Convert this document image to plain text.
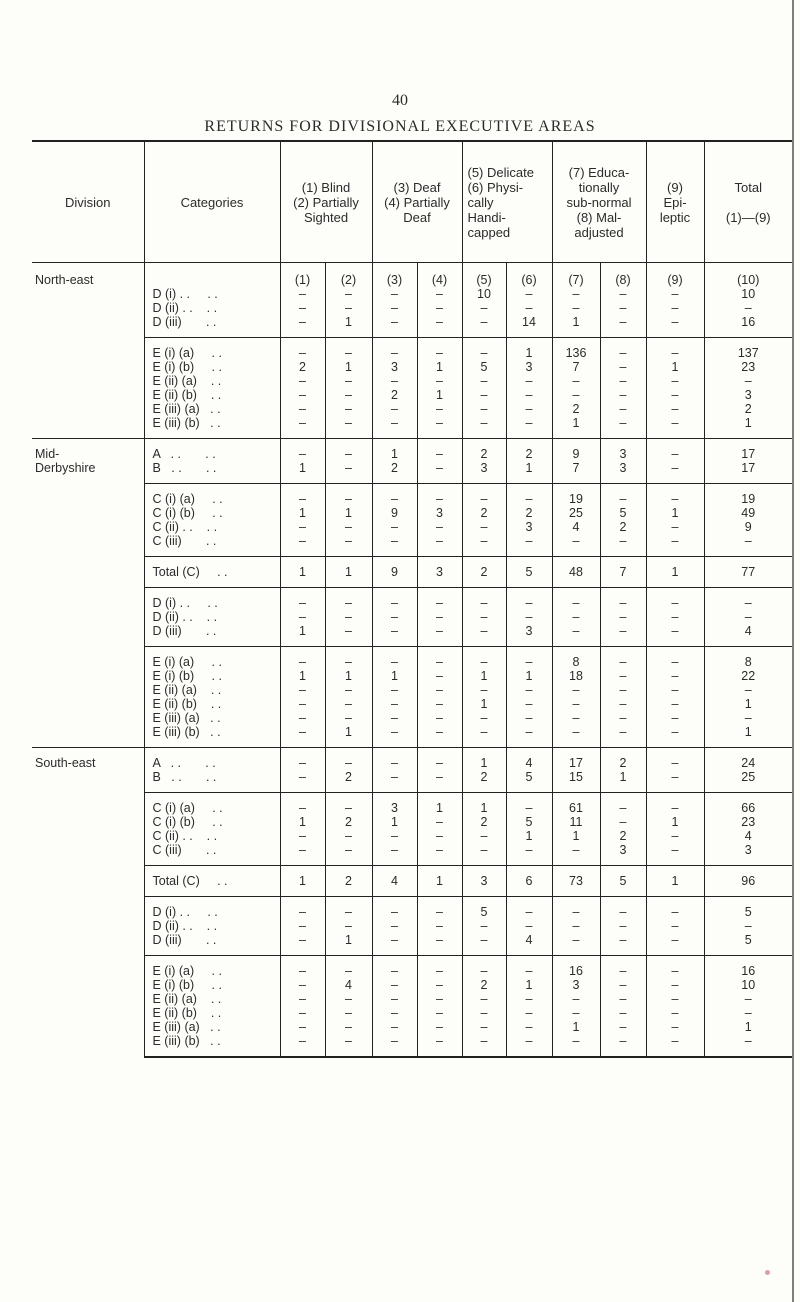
40
RETURNS FOR DIVISIONAL EXECUTIVE AREAS
Division	Categories	(1) Blind
(2) Partially
Sighted		(3) Deaf
(4) Partially
Deaf		(5) Delicate
(6) Physi-
cally
Handi-
capped		(7) Educa-
tionally
sub-normal
(8) Mal-
adjusted		(9)
Epi-
leptic	Total

(1)—(9)

North-east		(1)	(2)	(3)	(4)	(5)	(6)	(7)	(8)	(9)	(10)
	D (i) . .     . .	–	–	–	–	10	–	–	–	–	10
	D (ii) . .    . .	–	–	–	–	–	–	–	–	–	–
	D (iii)       . .	–	1	–	–	–	14	1	–	–	16
	E (i) (a)     . .	–	–	–	–	–	1	136	–	–	137
	E (i) (b)     . .	2	1	3	1	5	3	7	–	1	23
	E (ii) (a)    . .	–	–	–	–	–	–	–	–	–	–
	E (ii) (b)    . .	–	–	2	1	–	–	–	–	–	3
	E (iii) (a)   . .	–	–	–	–	–	–	2	–	–	2
	E (iii) (b)   . .	–	–	–	–	–	–	1	–	–	1
Mid-
Derbyshire	A   . .       . .	–	–	1	–	2	2	9	3	–	17
	B   . .       . .	1	–	2	–	3	1	7	3	–	17
	C (i) (a)     . .	–	–	–	–	–	–	19	–	–	19
	C (i) (b)     . .	1	1	9	3	2	2	25	5	1	49
	C (ii) . .    . .	–	–	–	–	–	3	4	2	–	9
	C (iii)       . .	–	–	–	–	–	–	–	–	–	–
	Total (C)     . .	1	1	9	3	2	5	48	7	1	77
	D (i) . .     . .	–	–	–	–	–	–	–	–	–	–
	D (ii) . .    . .	–	–	–	–	–	–	–	–	–	–
	D (iii)       . .	1	–	–	–	–	3	–	–	–	4
	E (i) (a)     . .	–	–	–	–	–	–	8	–	–	8
	E (i) (b)     . .	1	1	1	–	1	1	18	–	–	22
	E (ii) (a)    . .	–	–	–	–	–	–	–	–	–	–
	E (ii) (b)    . .	–	–	–	–	1	–	–	–	–	1
	E (iii) (a)   . .	–	–	–	–	–	–	–	–	–	–
	E (iii) (b)   . .	–	1	–	–	–	–	–	–	–	1
South-east	A   . .       . .	–	–	–	–	1	4	17	2	–	24
	B   . .       . .	–	2	–	–	2	5	15	1	–	25
	C (i) (a)     . .	–	–	3	1	1	–	61	–	–	66
	C (i) (b)     . .	1	2	1	–	2	5	11	–	1	23
	C (ii) . .    . .	–	–	–	–	–	1	1	2	–	4
	C (iii)       . .	–	–	–	–	–	–	–	3	–	3
	Total (C)     . .	1	2	4	1	3	6	73	5	1	96
	D (i) . .     . .	–	–	–	–	5	–	–	–	–	5
	D (ii) . .    . .	–	–	–	–	–	–	–	–	–	–
	D (iii)       . .	–	1	–	–	–	4	–	–	–	5
	E (i) (a)     . .	–	–	–	–	–	–	16	–	–	16
	E (i) (b)     . .	–	4	–	–	2	1	3	–	–	10
	E (ii) (a)    . .	–	–	–	–	–	–	–	–	–	–
	E (ii) (b)    . .	–	–	–	–	–	–	–	–	–	–
	E (iii) (a)   . .	–	–	–	–	–	–	1	–	–	1
	E (iii) (b)   . .	–	–	–	–	–	–	–	–	–	–
